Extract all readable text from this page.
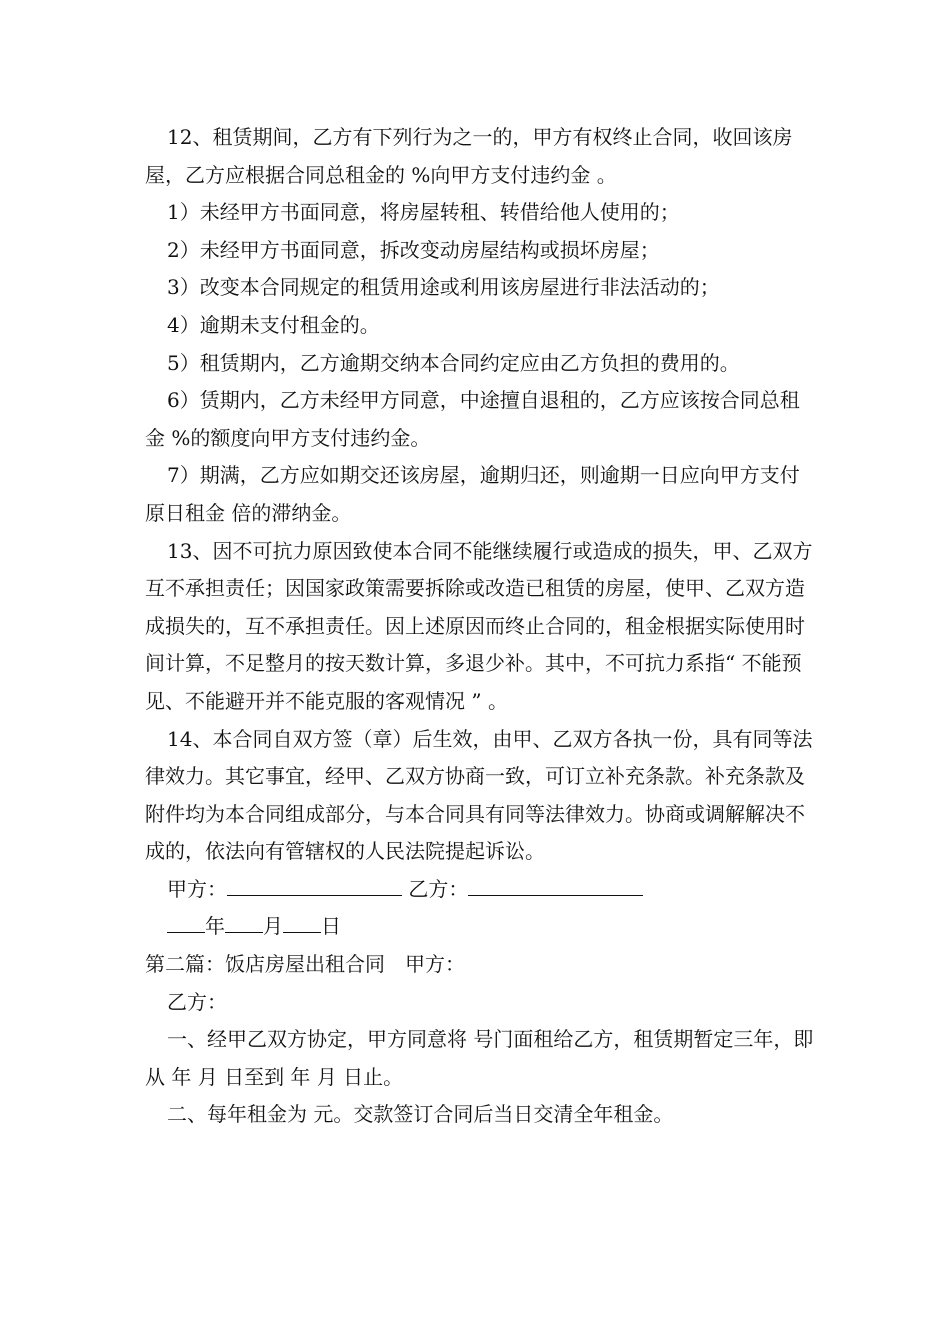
12、租赁期间，乙方有下列行为之一的，甲方有权终止合同，收回该房屋，乙方应根据合同总租金的 %向甲方支付违约金 。

1）未经甲方书面同意，将房屋转租、转借给他人使用的；

2）未经甲方书面同意，拆改变动房屋结构或损坏房屋；

3）改变本合同规定的租赁用途或利用该房屋进行非法活动的；

4）逾期未支付租金的。

5）租赁期内，乙方逾期交纳本合同约定应由乙方负担的费用的。

6）赁期内，乙方未经甲方同意，中途擅自退租的，乙方应该按合同总租金 %的额度向甲方支付违约金。

7）期满，乙方应如期交还该房屋，逾期归还，则逾期一日应向甲方支付原日租金 倍的滞纳金。

13、因不可抗力原因致使本合同不能继续履行或造成的损失，甲、乙双方互不承担责任；因国家政策需要拆除或改造已租赁的房屋，使甲、乙双方造成损失的，互不承担责任。因上述原因而终止合同的，租金根据实际使用时间计算，不足整月的按天数计算，多退少补。其中，不可抗力系指“ 不能预见、不能避开并不能克服的客观情况 ” 。

14、本合同自双方签（章）后生效，由甲、乙双方各执一份，具有同等法律效力。其它事宜，经甲、乙双方协商一致，可订立补充条款。补充条款及附件均为本合同组成部分，与本合同具有同等法律效力。协商或调解解决不成的，依法向有管辖权的人民法院提起诉讼。

甲方：	乙方：

年 月 日

第二篇：饭店房屋出租合同　甲方：

乙方：

一、经甲乙双方协定，甲方同意将 号门面租给乙方，租赁期暂定三年，即从 年 月 日至到 年 月 日止。

二、每年租金为 元。交款签订合同后当日交清全年租金。
